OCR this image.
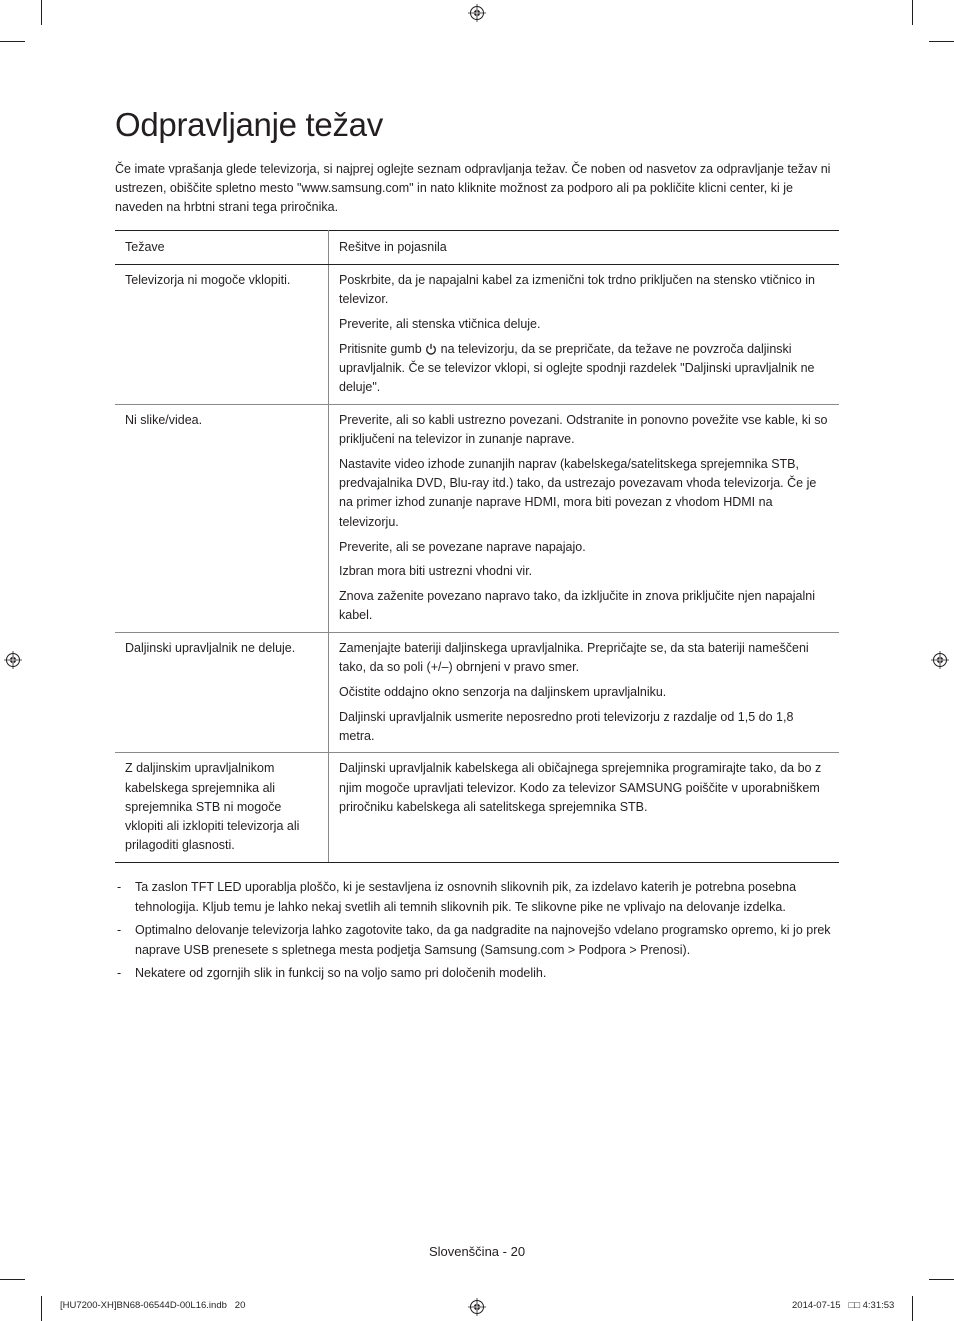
Odpravljanje težav

Če imate vprašanja glede televizorja, si najprej oglejte seznam odpravljanja težav. Če noben od nasvetov za odpravljanje težav ni ustrezen, obiščite spletno mesto "www.samsung.com" in nato kliknite možnost za podporo ali pa pokličite klicni center, ki je naveden na hrbtni strani tega priročnika.

Težave	Rešitve in pojasnila
Televizorja ni mogoče vklopiti.	Poskrbite, da je napajalni kabel za izmenični tok trdno priključen na stensko vtičnico in televizor.

Preverite, ali stenska vtičnica deluje.

Pritisnite gumb na televizorju, da se prepričate, da težave ne povzroča daljinski upravljalnik. Če se televizor vklopi, si oglejte spodnji razdelek "Daljinski upravljalnik ne deluje".

Ni slike/videa.	Preverite, ali so kabli ustrezno povezani. Odstranite in ponovno povežite vse kable, ki so priključeni na televizor in zunanje naprave.

Nastavite video izhode zunanjih naprav (kabelskega/satelitskega sprejemnika STB, predvajalnika DVD, Blu-ray itd.) tako, da ustrezajo povezavam vhoda televizorja. Če je na primer izhod zunanje naprave HDMI, mora biti povezan z vhodom HDMI na televizorju.

Preverite, ali se povezane naprave napajajo.

Izbran mora biti ustrezni vhodni vir.

Znova zaženite povezano napravo tako, da izključite in znova priključite njen napajalni kabel.

Daljinski upravljalnik ne deluje.	Zamenjajte bateriji daljinskega upravljalnika. Prepričajte se, da sta bateriji nameščeni tako, da so poli (+/–) obrnjeni v pravo smer.

Očistite oddajno okno senzorja na daljinskem upravljalniku.

Daljinski upravljalnik usmerite neposredno proti televizorju z razdalje od 1,5 do 1,8 metra.

Z daljinskim upravljalnikom kabelskega sprejemnika ali sprejemnika STB ni mogoče vklopiti ali izklopiti televizorja ali prilagoditi glasnosti.	Daljinski upravljalnik kabelskega ali običajnega sprejemnika programirajte tako, da bo z njim mogoče upravljati televizor. Kodo za televizor SAMSUNG poiščite v uporabniškem priročniku kabelskega ali satelitskega sprejemnika STB.

- Ta zaslon TFT LED uporablja ploščo, ki je sestavljena iz osnovnih slikovnih pik, za izdelavo katerih je potrebna posebna tehnologija. Kljub temu je lahko nekaj svetlih ali temnih slikovnih pik. Te slikovne pike ne vplivajo na delovanje izdelka.
- Optimalno delovanje televizorja lahko zagotovite tako, da ga nadgradite na najnovejšo vdelano programsko opremo, ki jo prek naprave USB prenesete s spletnega mesta podjetja Samsung (Samsung.com > Podpora > Prenosi).
- Nekatere od zgornjih slik in funkcij so na voljo samo pri določenih modelih.
Slovenščina - 20
[HU7200-XH]BN68-06544D-00L16.indb   20	2014-07-15   □□ 4:31:53
